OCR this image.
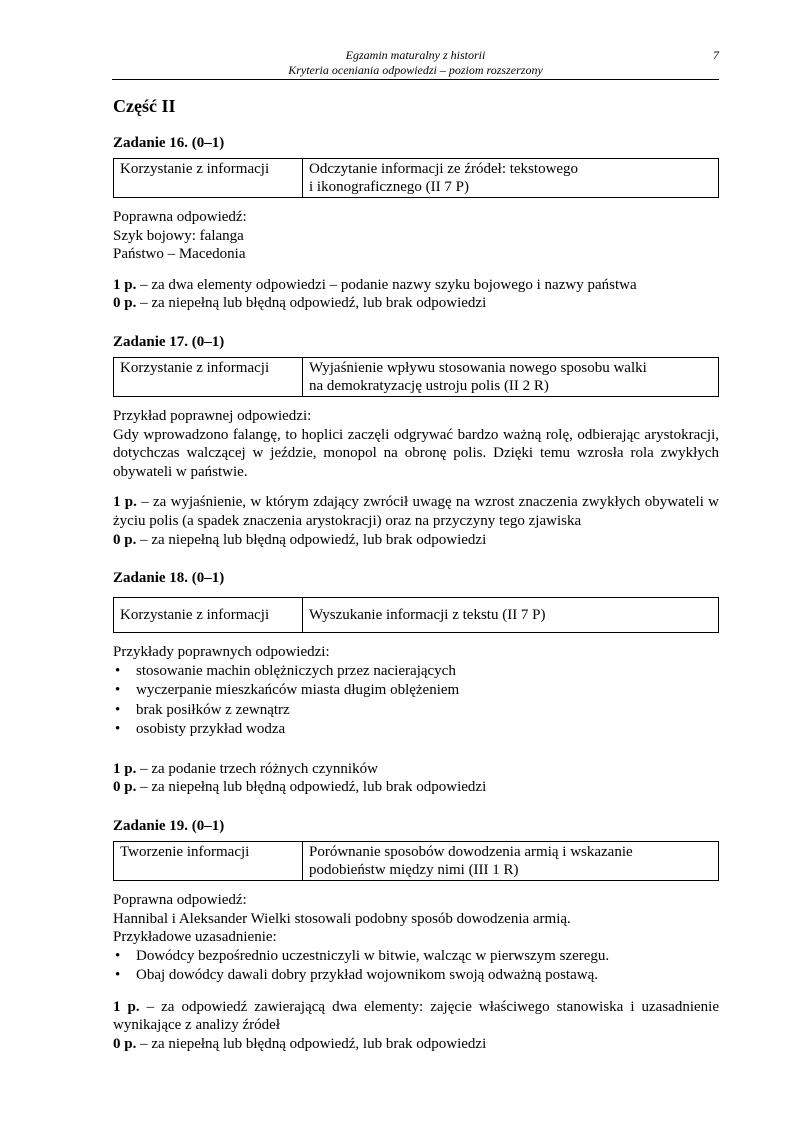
Egzamin maturalny z historii
Kryteria oceniania odpowiedzi – poziom rozszerzony
7
Część II
Zadanie 16. (0–1)
Korzystanie z informacji	Odczytanie informacji ze źródeł: tekstowego
i ikonograficznego (II 7 P)

Poprawna odpowiedź:

Szyk bojowy: falanga

Państwo – Macedonia

1 p. – za dwa elementy odpowiedzi – podanie nazwy szyku bojowego i nazwy państwa

0 p. – za niepełną lub błędną odpowiedź, lub brak odpowiedzi

Zadanie 17. (0–1)
Korzystanie z informacji	Wyjaśnienie wpływu stosowania nowego sposobu walki
na demokratyzację ustroju polis (II 2 R)

Przykład poprawnej odpowiedzi:

Gdy wprowadzono falangę, to hoplici zaczęli odgrywać bardzo ważną rolę, odbierając arystokracji, dotychczas walczącej w jeździe, monopol na obronę polis. Dzięki temu wzrosła rola zwykłych obywateli w państwie.

1 p. – za wyjaśnienie, w którym zdający zwrócił uwagę na wzrost znaczenia zwykłych obywateli w życiu polis (a spadek znaczenia arystokracji) oraz na przyczyny tego zjawiska

0 p. – za niepełną lub błędną odpowiedź, lub brak odpowiedzi

Zadanie 18. (0–1)
Korzystanie z informacji	Wyszukanie informacji z tekstu (II 7 P)

Przykłady poprawnych odpowiedzi:

• stosowanie machin oblężniczych przez nacierających
• wyczerpanie mieszkańców miasta długim oblężeniem
• brak posiłków z zewnątrz
• osobisty przykład wodza

1 p. – za podanie trzech różnych czynników

0 p. – za niepełną lub błędną odpowiedź, lub brak odpowiedzi

Zadanie 19. (0–1)
Tworzenie informacji	Porównanie sposobów dowodzenia armią i wskazanie
podobieństw między nimi (III 1 R)

Poprawna odpowiedź:

Hannibal i Aleksander Wielki stosowali podobny sposób dowodzenia armią.

Przykładowe uzasadnienie:

• Dowódcy bezpośrednio uczestniczyli w bitwie, walcząc w pierwszym szeregu.
• Obaj dowódcy dawali dobry przykład wojownikom swoją odważną postawą.

1 p. – za odpowiedź zawierającą dwa elementy: zajęcie właściwego stanowiska i uzasadnienie wynikające z analizy źródeł

0 p. – za niepełną lub błędną odpowiedź, lub brak odpowiedzi
